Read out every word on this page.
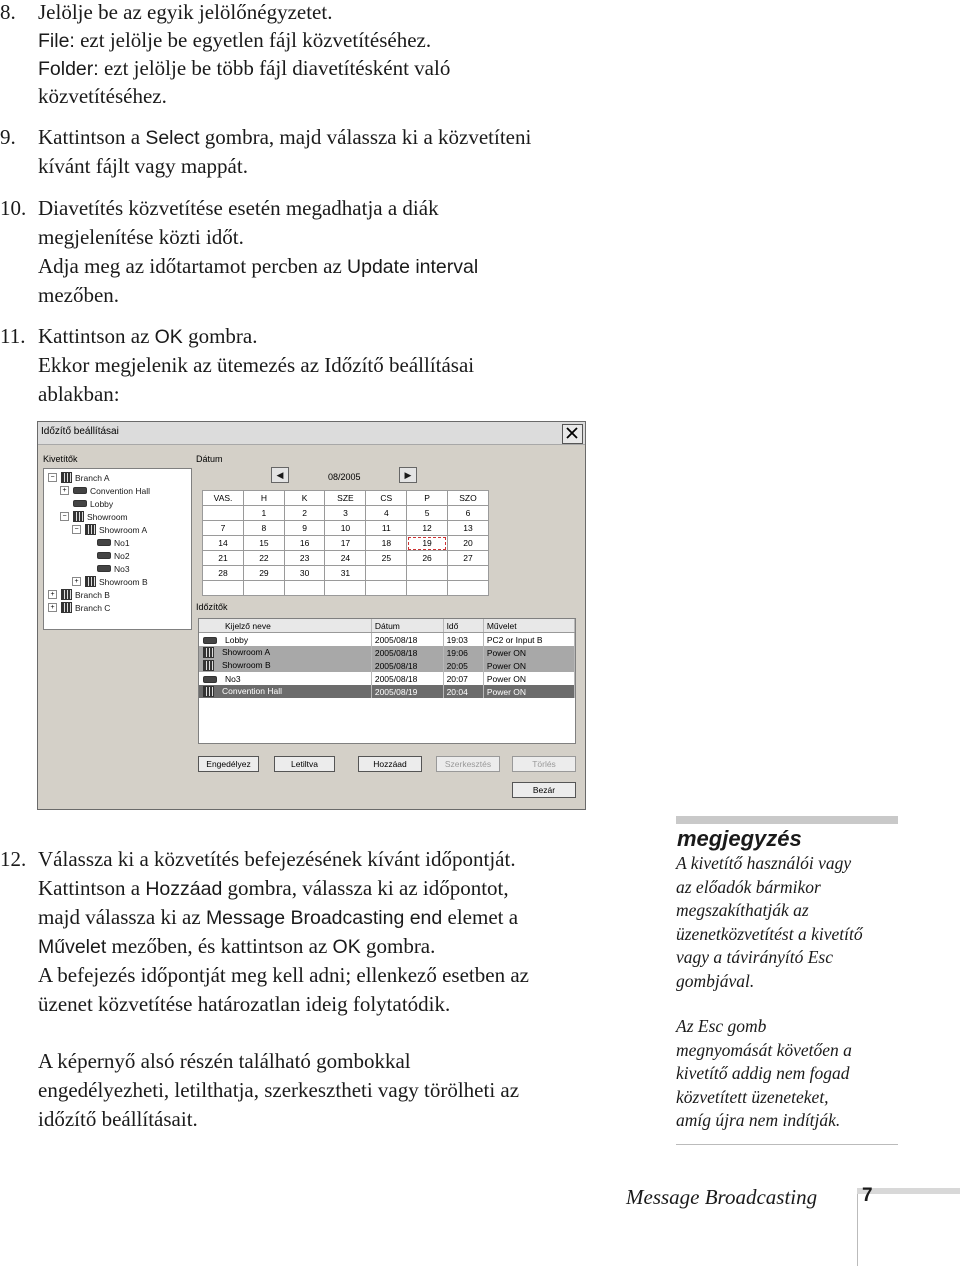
8.	Jelölje be az egyik jelölőnégyzetet.
File: ezt jelölje be egyetlen fájl közvetítéséhez.
Folder: ezt jelölje be több fájl diavetítésként való
közvetítéséhez.
9.	Kattintson a Select gombra, majd válassza ki a közvetíteni
kívánt fájlt vagy mappát.
10. Diavetítés közvetítése esetén megadhatja a diák
megjelenítése közti időt.
Adja meg az időtartamot percben az Update interval
mezőben.
11. Kattintson az OK gombra.
Ekkor megjelenik az ütemezés az Időzítő beállításai
ablakban:
Időzítő beállításai
Kivetítők
− Branch A
+	Convention Hall
Lobby
− Showroom
− Showroom A
No1
No2
No3
+ Showroom B
+ Branch B
+ Branch C
Dátum
◀	08/2005	▶
VAS.	H	K	SZE	CS	P	SZO
	1	2	3	4	5	6
7	8	9	10	11	12	13
14	15	16	17	18	19	20
21	22	23	24	25	26	27
28	29	30	31			

Időzítők
Kijelző neve	Dátum	Idő	Művelet
Lobby	2005/08/18	19:03	PC2 or Input B
Showroom A	2005/08/18	19:06	Power ON
Showroom B	2005/08/18	20:05	Power ON
No3	2005/08/18	20:07	Power ON
Convention Hall	2005/08/19	20:04	Power ON
Engedélyez	Letiltva	Hozzáad	Szerkesztés	Törlés
Bezár
12. Válassza ki a közvetítés befejezésének kívánt időpontját.
Kattintson a Hozzáad gombra, válassza ki az időpontot,
majd válassza ki az Message Broadcasting end elemet a
Művelet mezőben, és kattintson az OK gombra.
A befejezés időpontját meg kell adni; ellenkező esetben az
üzenet közvetítése határozatlan ideig folytatódik.
A képernyő alsó részén található gombokkal
engedélyezheti, letilthatja, szerkesztheti vagy törölheti az
időzítő beállításait.
megjegyzés
A kivetítő használói vagy
az előadók bármikor
megszakíthatják az
üzenetközvetítést a kivetítő
vagy a távirányító Esc
gombjával.
Az Esc gomb
megnyomását követően a
kivetítő addig nem fogad
közvetített üzeneteket,
amíg újra nem indítják.
Message Broadcasting 7
